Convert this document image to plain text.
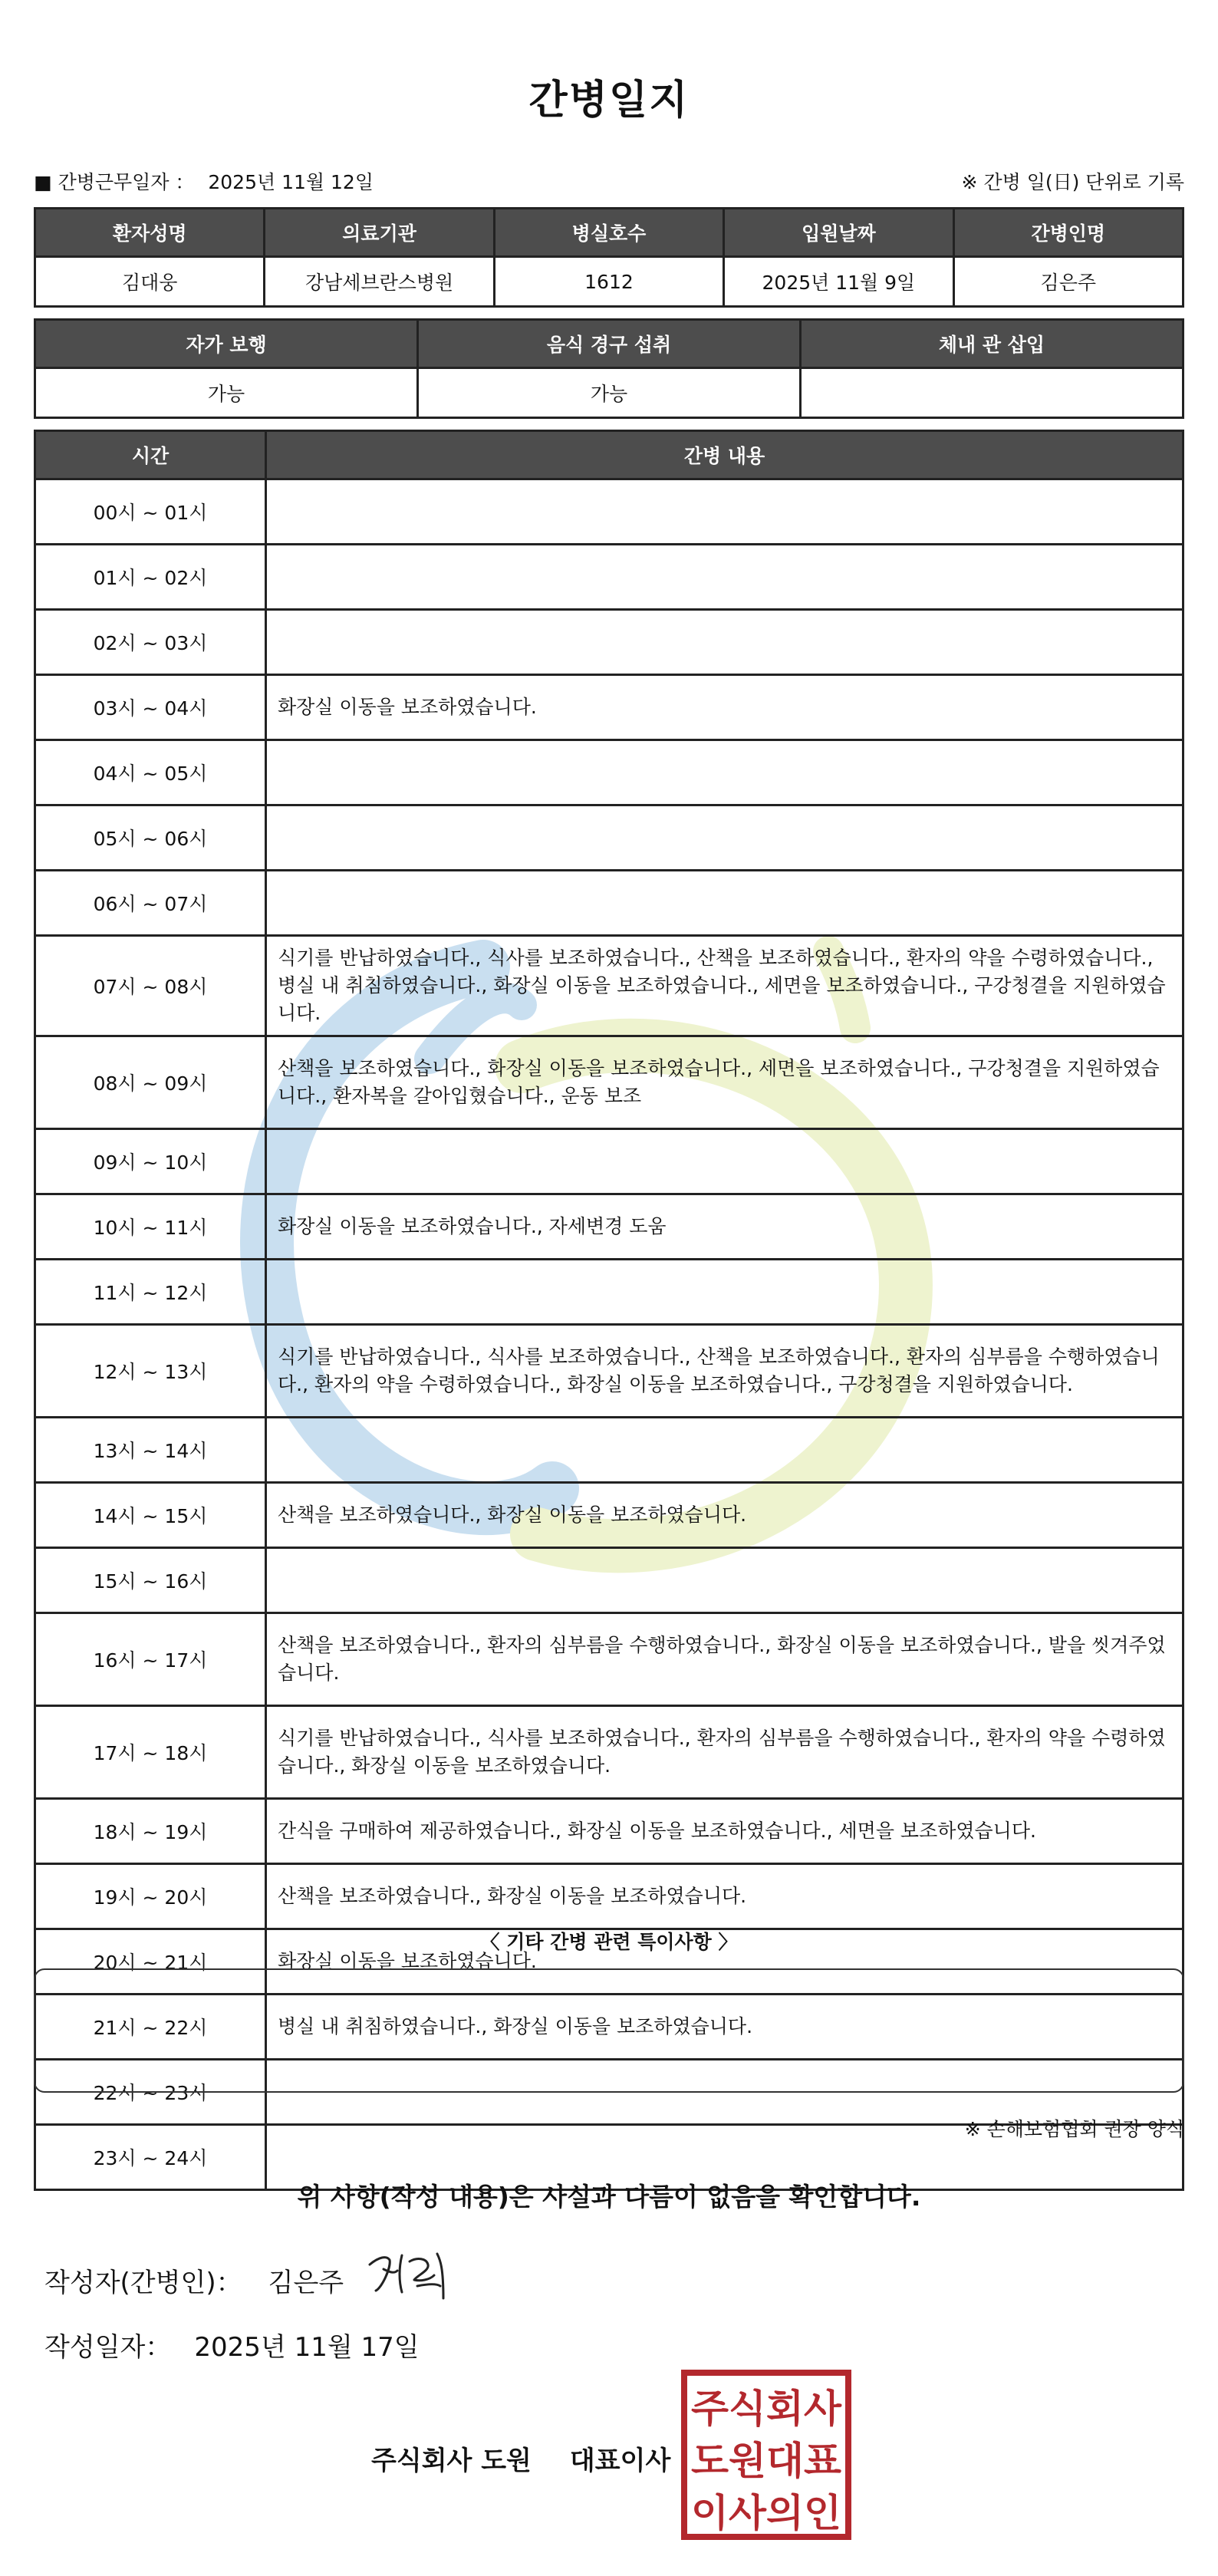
간병일지
■ 간병근무일자 ： 2025년 11월 12일	※ 간병 일(日) 단위로 기록
환자성명	의료기관	병실호수	입원날짜	간병인명
김대웅	강남세브란스병원	1612	2025년 11월 9일	김은주
자가 보행	음식 경구 섭취	체내 관 삽입
가능	가능	
시간	간병 내용
00시 ~ 01시	
01시 ~ 02시	
02시 ~ 03시	
03시 ~ 04시	화장실 이동을 보조하였습니다.
04시 ~ 05시	
05시 ~ 06시	
06시 ~ 07시	
07시 ~ 08시	식기를 반납하였습니다., 식사를 보조하였습니다., 산책을 보조하였습니다., 환자의 약을 수령하였습니다., 병실 내 취침하였습니다., 화장실 이동을 보조하였습니다., 세면을 보조하였습니다., 구강청결을 지원하였습니다.
08시 ~ 09시	산책을 보조하였습니다., 화장실 이동을 보조하였습니다., 세면을 보조하였습니다., 구강청결을 지원하였습니다., 환자복을 갈아입혔습니다., 운동 보조
09시 ~ 10시	
10시 ~ 11시	화장실 이동을 보조하였습니다., 자세변경 도움
11시 ~ 12시	
12시 ~ 13시	식기를 반납하였습니다., 식사를 보조하였습니다., 산책을 보조하였습니다., 환자의 심부름을 수행하였습니다., 환자의 약을 수령하였습니다., 화장실 이동을 보조하였습니다., 구강청결을 지원하였습니다.
13시 ~ 14시	
14시 ~ 15시	산책을 보조하였습니다., 화장실 이동을 보조하였습니다.
15시 ~ 16시	
16시 ~ 17시	산책을 보조하였습니다., 환자의 심부름을 수행하였습니다., 화장실 이동을 보조하였습니다., 발을 씻겨주었습니다.
17시 ~ 18시	식기를 반납하였습니다., 식사를 보조하였습니다., 환자의 심부름을 수행하였습니다., 환자의 약을 수령하였습니다., 화장실 이동을 보조하였습니다.
18시 ~ 19시	간식을 구매하여 제공하였습니다., 화장실 이동을 보조하였습니다., 세면을 보조하였습니다.
19시 ~ 20시	산책을 보조하였습니다., 화장실 이동을 보조하였습니다.
20시 ~ 21시	화장실 이동을 보조하였습니다.
21시 ~ 22시	병실 내 취침하였습니다., 화장실 이동을 보조하였습니다.
22시 ~ 23시	
23시 ~ 24시	
〈 기타 간병 관련 특이사항 〉
※ 손해보험협회 권장 양식
위 사항(작성 내용)은 사실과 다름이 없음을 확인합니다.
작성자(간병인)： 김은주
작성일자： 2025년 11월 17일
주식회사 도원 대표이사
주식회사
도원대표
이사의인
